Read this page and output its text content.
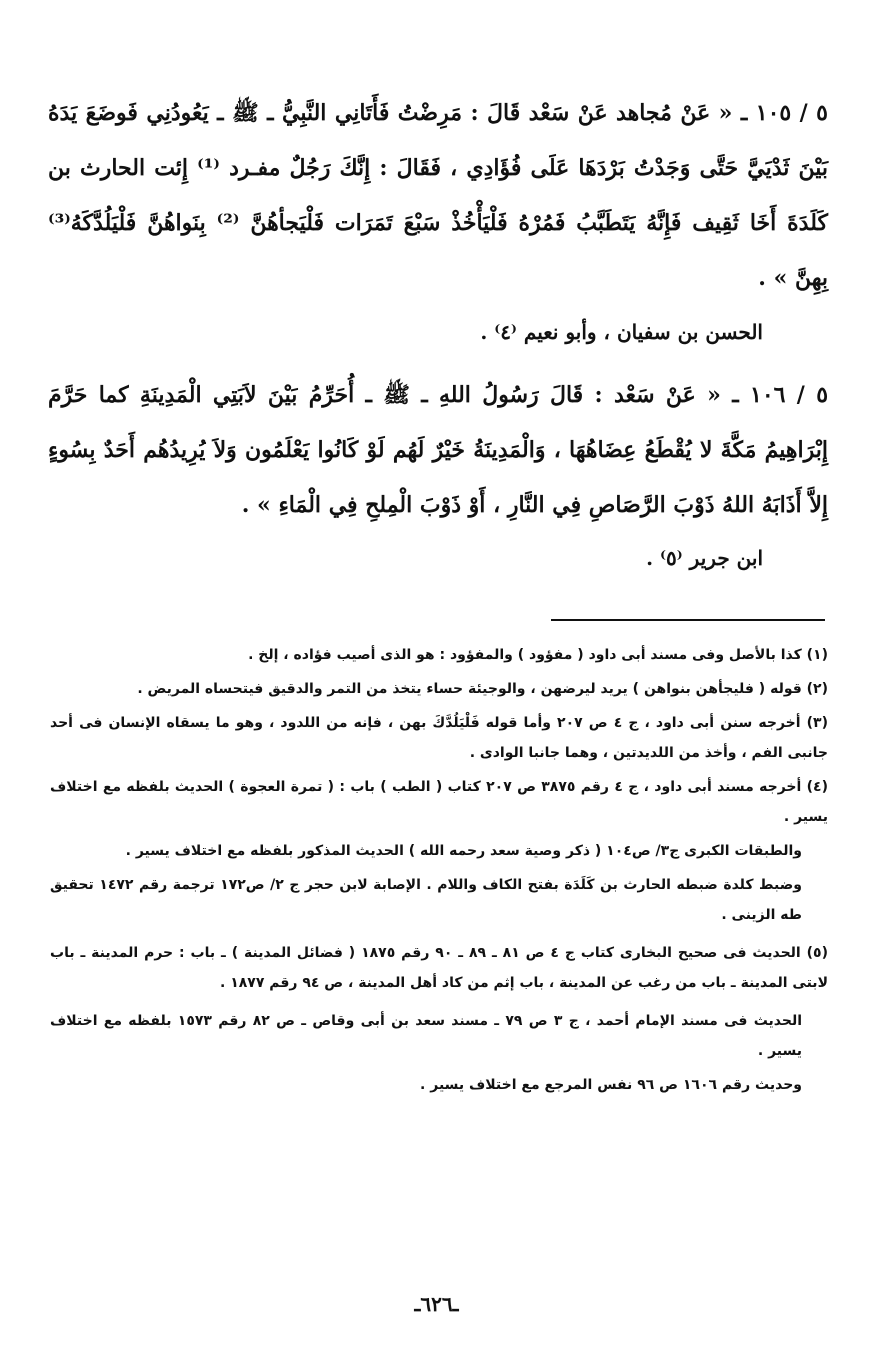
٥ / ١٠٥ ـ « عَنْ مُجاهد عَنْ سَعْد قَالَ : مَرِضْتُ فَأَتَانِي النَّبِيُّ ـ ﷺ ـ يَعُودُنِي فَوضَعَ يَدَهُ بَيْنَ ثَدْيَيَّ حَتَّى وَجَدْتُ بَرْدَهَا عَلَى فُؤَادِي ، فَقَالَ : إِنَّكَ رَجُلٌ مفـرد ⁽¹⁾ إِئت الحارث بن كَلَدَةَ أَخَا ثَقِيف فَإِنَّهُ يَتَطَبَّبُ فَمُرْهُ فَلْيَأْخُذْ سَبْعَ تَمَرَات فَلْيَجأهُنَّ ⁽²⁾ بِنَواهُنَّ فَلْيَلُدَّكَهُ⁽³⁾ بِهِنَّ » .
الحسن بن سفيان ، وأبو نعيم ⁽٤⁾ .
٥ / ١٠٦ ـ « عَنْ سَعْد : قَالَ رَسُولُ اللهِ ـ ﷺ ـ أُحَرِّمُ بَيْنَ لاَبَتِي الْمَدِينَةِ كما حَرَّمَ إِبْرَاهِيمُ مَكَّةَ لا يُقْطَعُ عِضَاهُهَا ، وَالْمَدِينَةُ خَيْرٌ لَهُم لَوْ كَانُوا يَعْلَمُون وَلاَ يُرِيدُهُم أَحَدٌ بِسُوءٍ إِلاَّ أَذَابَهُ اللهُ ذَوْبَ الرَّصَاصِ فِي النَّارِ ، أَوْ ذَوْبَ الْمِلحِ فِي الْمَاءِ » .
ابن جرير ⁽٥⁾ .

(١) كذا بالأصل وفى مسند أبى داود ( مفؤود ) والمفؤود : هو الذى أصيب فؤاده ، إلخ .

(٢) قوله ( فليجأهن بنواهن ) يريد ليرضهن ، والوجيئة حساء يتخذ من التمر والدقيق فيتحساه المريض .

(٣) أخرجه سنن أبى داود ، ج ٤ ص ٢٠٧ وأما قوله فَلْيَلُدَّكَ بهن ، فإنه من اللدود ، وهو ما يسقاه الإنسان فى أحد جانبى الفم ، وأخذ من اللديدتين ، وهما جانبا الوادى .

(٤) أخرجه مسند أبى داود ، ج ٤ رقم ٣٨٧٥ ص ٢٠٧ كتاب ( الطب ) باب : ( تمرة العجوة ) الحديث بلفظه مع اختلاف يسير .

والطبقات الكبرى ج٣/ ص١٠٤ ( ذكر وصية سعد رحمه الله ) الحديث المذكور بلفظه مع اختلاف يسير .

وضبط كلدة ضبطه الحارث بن كَلَدَة بفتح الكاف واللام . الإصابة لابن حجر ج ٢/ ص١٧٢ ترجمة رقم ١٤٧٢ تحقيق طه الزينى .

(٥) الحديث فى صحيح البخارى كتاب ج ٤ ص ٨١ ـ ٨٩ ـ ٩٠ رقم ١٨٧٥ ( فضائل المدينة ) ـ باب : حرم المدينة ـ باب لابتى المدينة ـ باب من رغب عن المدينة ، باب إثم من كاد أهل المدينة ، ص ٩٤ رقم ١٨٧٧ .

الحديث فى مسند الإمام أحمد ، ج ٣ ص ٧٩ ـ مسند سعد بن أبى وقاص ـ ص ٨٢ رقم ١٥٧٣ بلفظه مع اختلاف يسير .

وحديث رقم ١٦٠٦ ص ٩٦ نفس المرجع مع اختلاف يسير .

ـ٦٢٦ـ
